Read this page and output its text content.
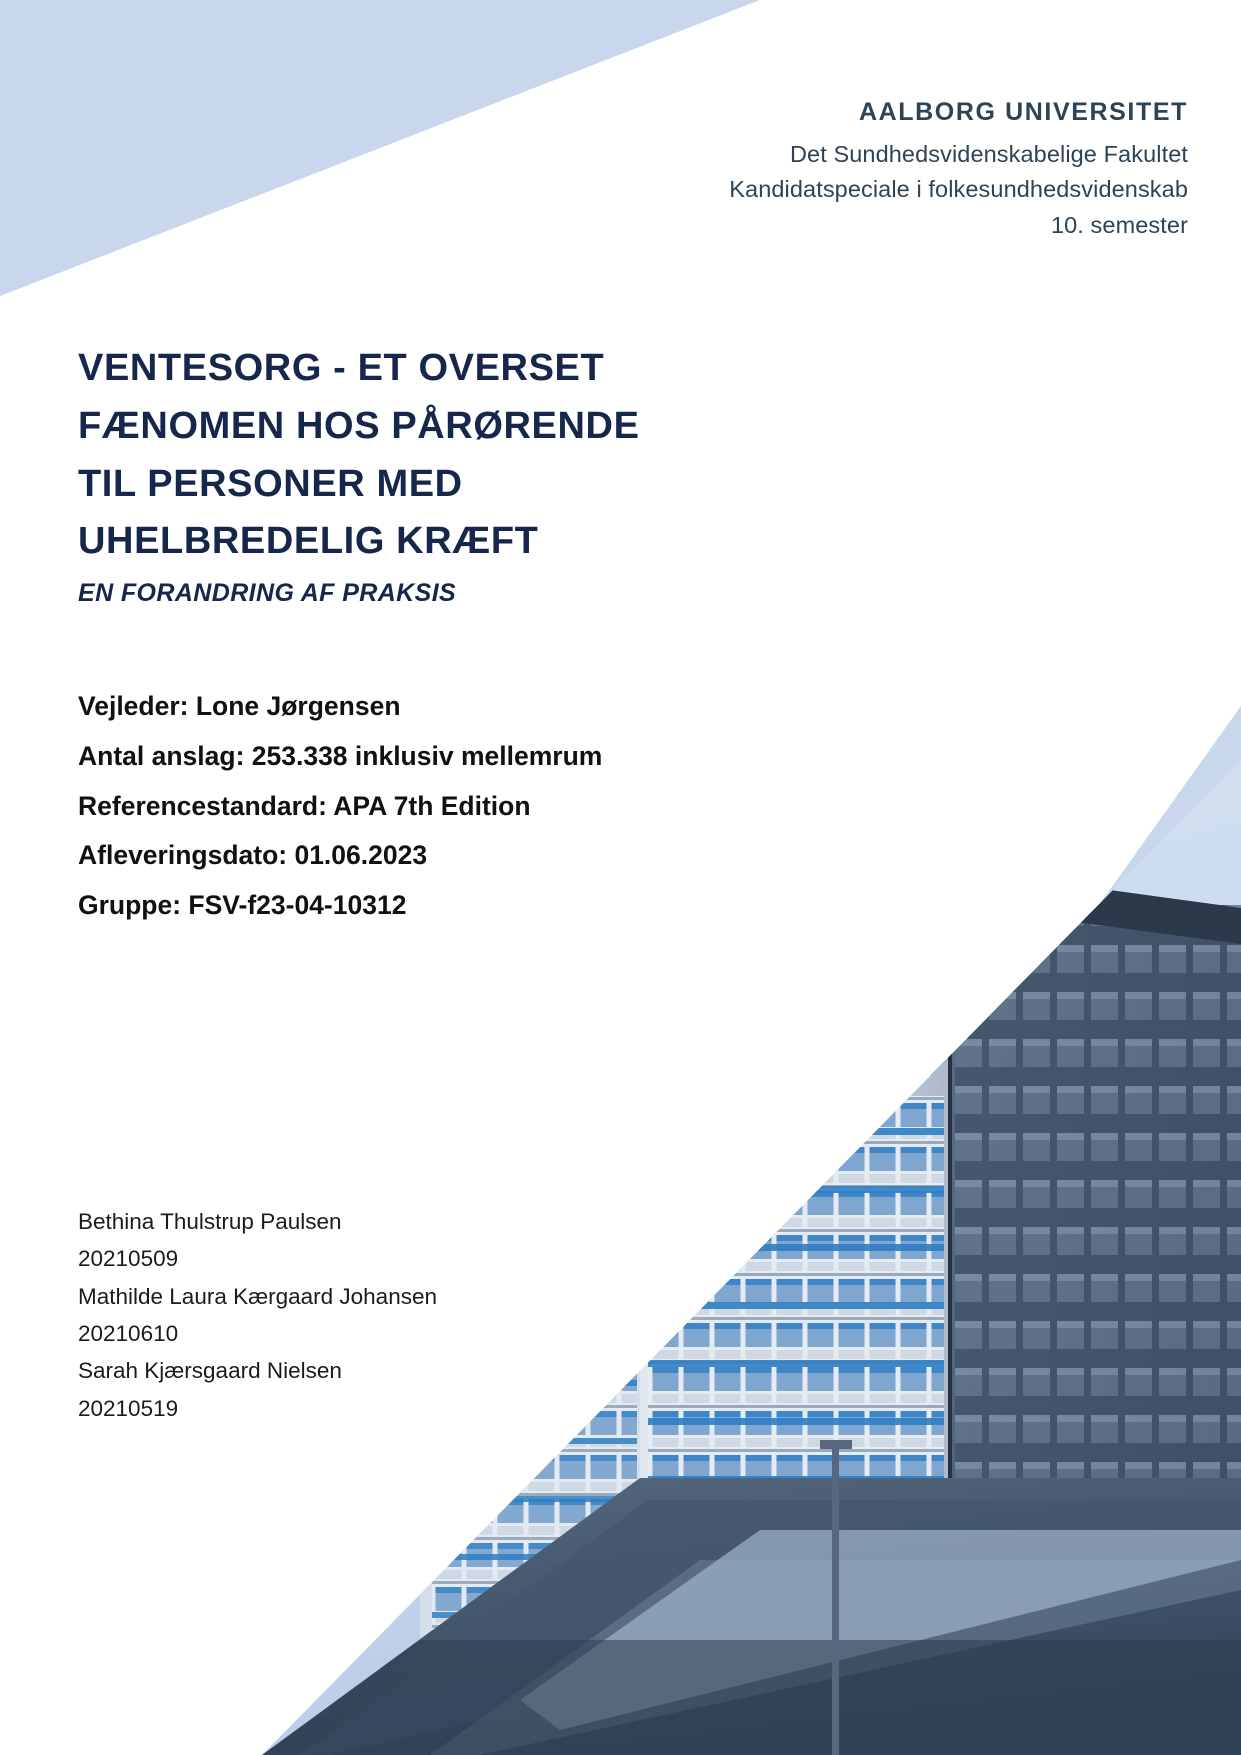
AALBORG UNIVERSITET
Det Sundhedsvidenskabelige Fakultet
Kandidatspeciale i folkesundhedsvidenskab
10. semester
VENTESORG - ET OVERSET
FÆNOMEN HOS PÅRØRENDE
TIL PERSONER MED
UHELBREDELIG KRÆFT
EN FORANDRING AF PRAKSIS
Vejleder: Lone Jørgensen
Antal anslag: 253.338 inklusiv mellemrum
Referencestandard: APA 7th Edition
Afleveringsdato: 01.06.2023
Gruppe: FSV-f23-04-10312
Bethina Thulstrup Paulsen
20210509
Mathilde Laura Kærgaard Johansen
20210610
Sarah Kjærsgaard Nielsen
20210519
